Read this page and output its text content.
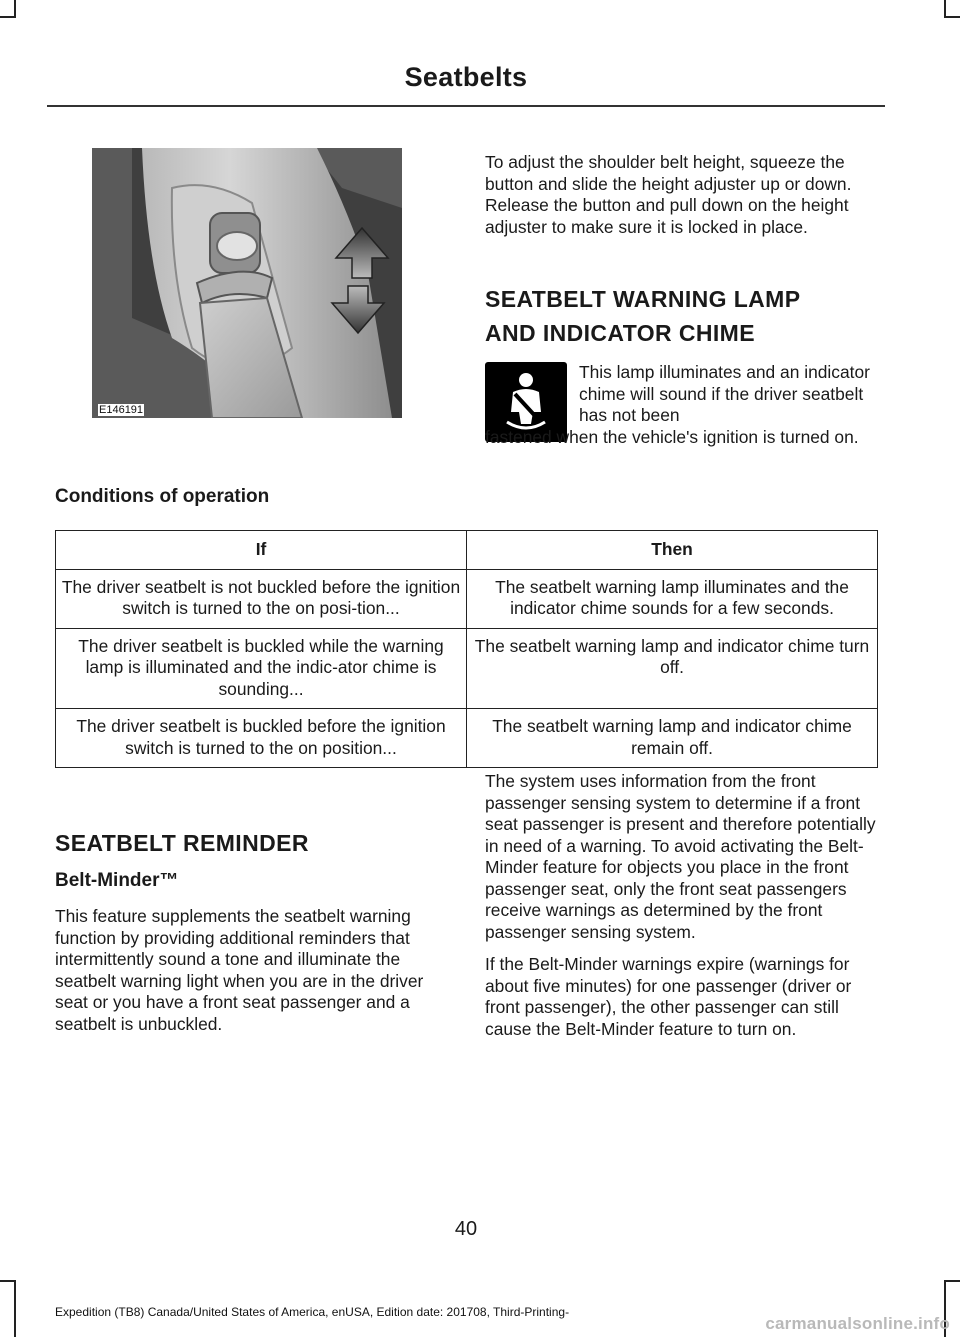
Seatbelts
E146191
To adjust the shoulder belt height, squeeze the button and slide the height adjuster up or down. Release the button and pull down on the height adjuster to make sure it is locked in place.
SEATBELT WARNING LAMP
AND INDICATOR CHIME
This lamp illuminates and an indicator chime will sound if the driver seatbelt has not been
fastened when the vehicle's ignition is turned on.
Conditions of operation
If	Then
The driver seatbelt is not buckled before the ignition switch is turned to the on posi-tion...	The seatbelt warning lamp illuminates and the indicator chime sounds for a few seconds.
The driver seatbelt is buckled while the warning lamp is illuminated and the indic-ator chime is sounding...	The seatbelt warning lamp and indicator chime turn off.
The driver seatbelt is buckled before the ignition switch is turned to the on position...	The seatbelt warning lamp and indicator chime remain off.
SEATBELT REMINDER
Belt-Minder™
This feature supplements the seatbelt warning function by providing additional reminders that intermittently sound a tone and illuminate the seatbelt warning light when you are in the driver seat or you have a front seat passenger and a seatbelt is unbuckled.
The system uses information from the front passenger sensing system to determine if a front seat passenger is present and therefore potentially in need of a warning. To avoid activating the Belt-Minder feature for objects you place in the front passenger seat, only the front seat passengers receive warnings as determined by the front passenger sensing system.
If the Belt-Minder warnings expire (warnings for about five minutes) for one passenger (driver or front passenger), the other passenger can still cause the Belt-Minder feature to turn on.
40
Expedition (TB8) Canada/United States of America, enUSA, Edition date: 201708, Third-Printing-
carmanualsonline.info
